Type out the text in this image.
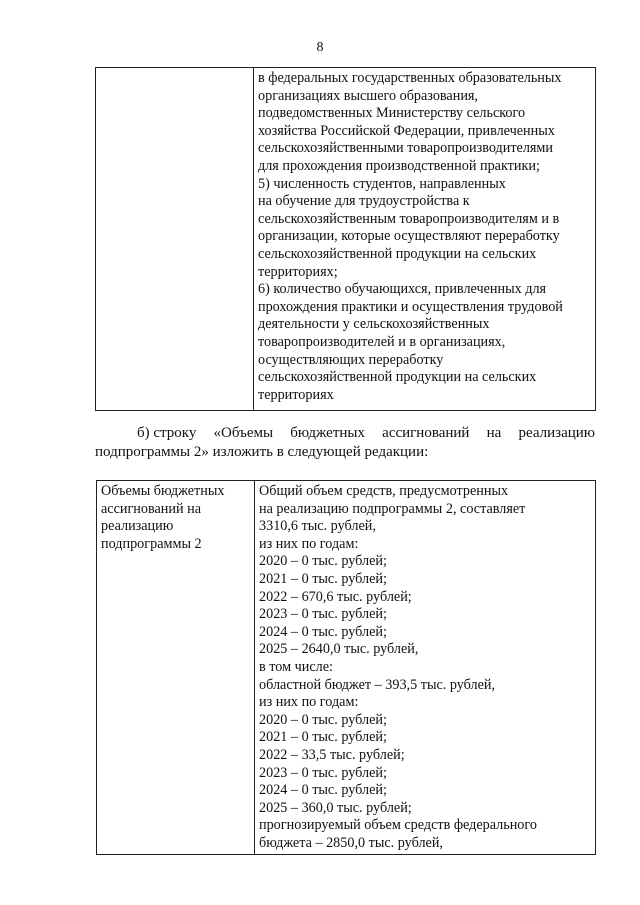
8

в федеральных государственных образовательных
организациях высшего образования,
подведомственных Министерству сельского
хозяйства Российской Федерации, привлеченных
сельскохозяйственными товаропроизводителями
для прохождения производственной практики;
5) численность студентов, направленных
на обучение для трудоустройства к
сельскохозяйственным товаропроизводителям и в
организации, которые осуществляют переработку
сельскохозяйственной продукции на сельских
территориях;
6) количество обучающихся, привлеченных для
прохождения практики и осуществления трудовой
деятельности у сельскохозяйственных
товаропроизводителей и в организациях,
осуществляющих переработку
сельскохозяйственной продукции на сельских
территориях
б) строку «Объемы бюджетных ассигнований на реализацию
подпрограммы 2» изложить в следующей редакции:
Объемы бюджетных
ассигнований на
реализацию
подпрограммы 2

Общий объем средств, предусмотренных
на реализацию подпрограммы 2, составляет
3310,6 тыс. рублей,
из них по годам:
2020 – 0 тыс. рублей;
2021 – 0 тыс. рублей;
2022 – 670,6 тыс. рублей;
2023 – 0 тыс. рублей;
2024 – 0 тыс. рублей;
2025 – 2640,0 тыс. рублей,
в том числе:
областной бюджет – 393,5 тыс. рублей,
из них по годам:
2020 – 0 тыс. рублей;
2021 – 0 тыс. рублей;
2022 – 33,5 тыс. рублей;
2023 – 0 тыс. рублей;
2024 – 0 тыс. рублей;
2025 – 360,0 тыс. рублей;
прогнозируемый объем средств федерального
бюджета – 2850,0 тыс. рублей,
